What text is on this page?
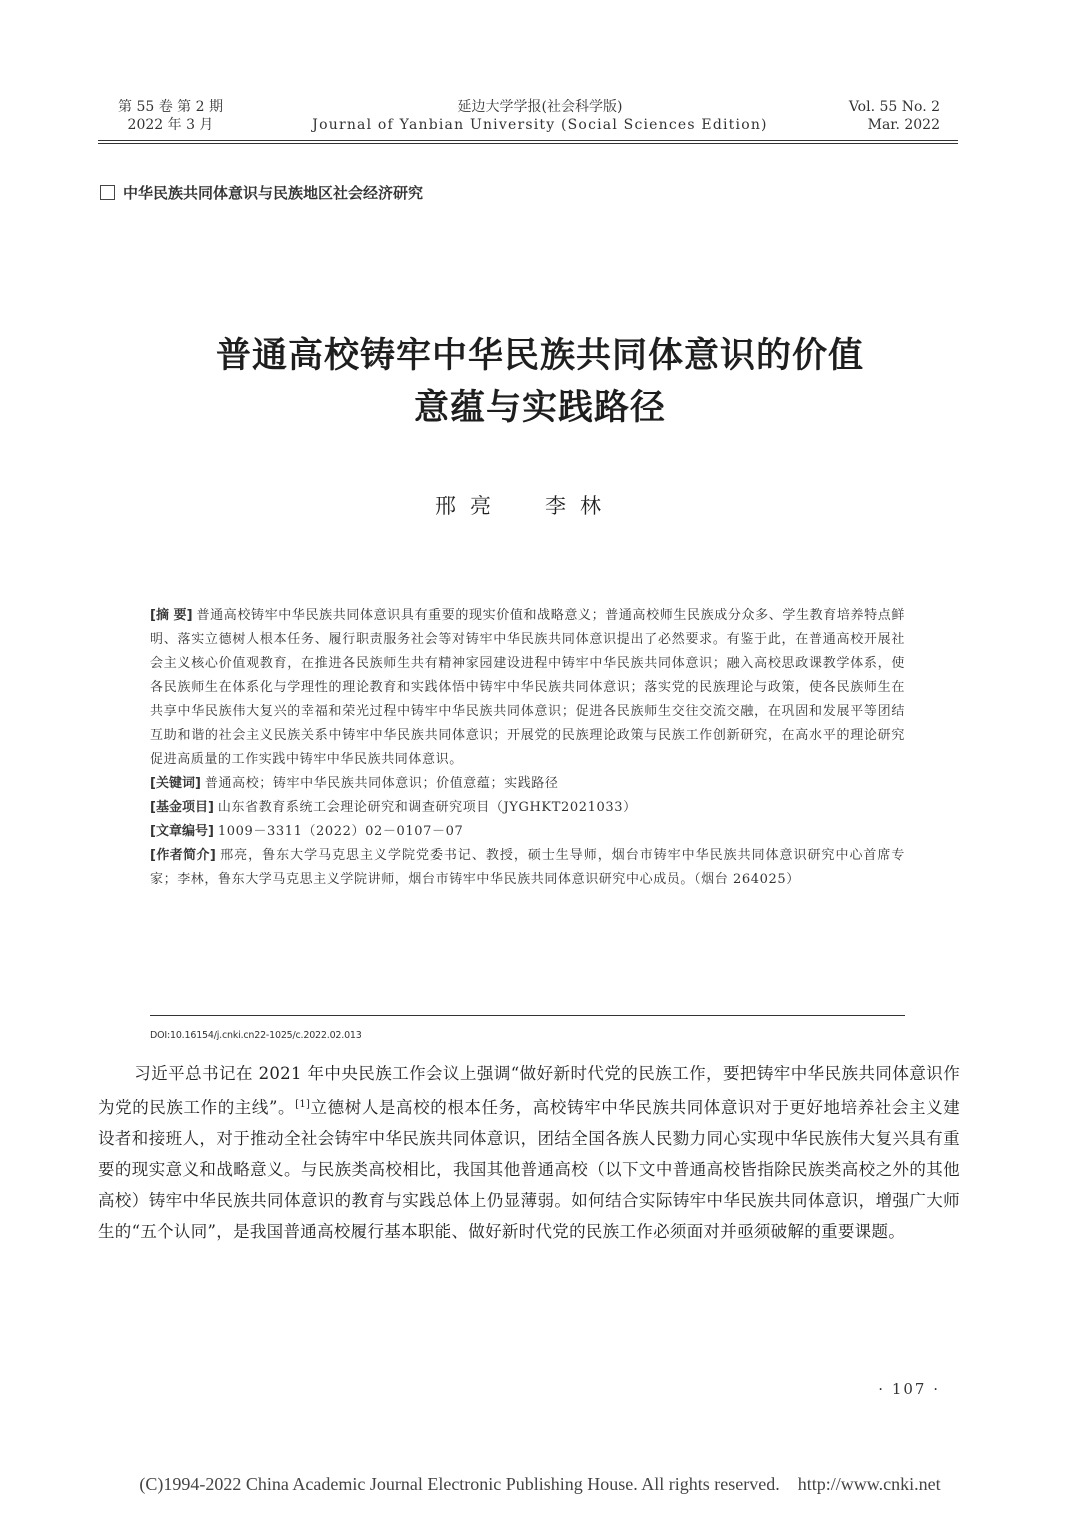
第 55 卷 第 2 期
2022 年 3 月
延边大学学报(社会科学版)
Journal of Yanbian University (Social Sciences Edition)
Vol. 55 No. 2
Mar. 2022
中华民族共同体意识与民族地区社会经济研究
普通高校铸牢中华民族共同体意识的价值
意蕴与实践路径
邢亮 李林

[摘 要] 普通高校铸牢中华民族共同体意识具有重要的现实价值和战略意义；普通高校师生民族成分众多、学生教育培养特点鲜明、落实立德树人根本任务、履行职责服务社会等对铸牢中华民族共同体意识提出了必然要求。有鉴于此，在普通高校开展社会主义核心价值观教育，在推进各民族师生共有精神家园建设进程中铸牢中华民族共同体意识；融入高校思政课教学体系，使各民族师生在体系化与学理性的理论教育和实践体悟中铸牢中华民族共同体意识；落实党的民族理论与政策，使各民族师生在共享中华民族伟大复兴的幸福和荣光过程中铸牢中华民族共同体意识；促进各民族师生交往交流交融，在巩固和发展平等团结互助和谐的社会主义民族关系中铸牢中华民族共同体意识；开展党的民族理论政策与民族工作创新研究，在高水平的理论研究促进高质量的工作实践中铸牢中华民族共同体意识。

[关键词] 普通高校；铸牢中华民族共同体意识；价值意蕴；实践路径

[基金项目] 山东省教育系统工会理论研究和调查研究项目（JYGHKT2021033）

[文章编号] 1009－3311（2022）02－0107－07

[作者简介] 邢亮，鲁东大学马克思主义学院党委书记、教授，硕士生导师，烟台市铸牢中华民族共同体意识研究中心首席专家；李林，鲁东大学马克思主义学院讲师，烟台市铸牢中华民族共同体意识研究中心成员。（烟台 264025）

DOI:10.16154/j.cnki.cn22-1025/c.2022.02.013

习近平总书记在 2021 年中央民族工作会议上强调“做好新时代党的民族工作，要把铸牢中华民族共同体意识作为党的民族工作的主线”。[1]立德树人是高校的根本任务，高校铸牢中华民族共同体意识对于更好地培养社会主义建设者和接班人，对于推动全社会铸牢中华民族共同体意识，团结全国各族人民勠力同心实现中华民族伟大复兴具有重要的现实意义和战略意义。与民族类高校相比，我国其他普通高校（以下文中普通高校皆指除民族类高校之外的其他高校）铸牢中华民族共同体意识的教育与实践总体上仍显薄弱。如何结合实际铸牢中华民族共同体意识，增强广大师生的“五个认同”，是我国普通高校履行基本职能、做好新时代党的民族工作必须面对并亟须破解的重要课题。

· 107 ·
(C)1994-2022 China Academic Journal Electronic Publishing House. All rights reserved. http://www.cnki.net
